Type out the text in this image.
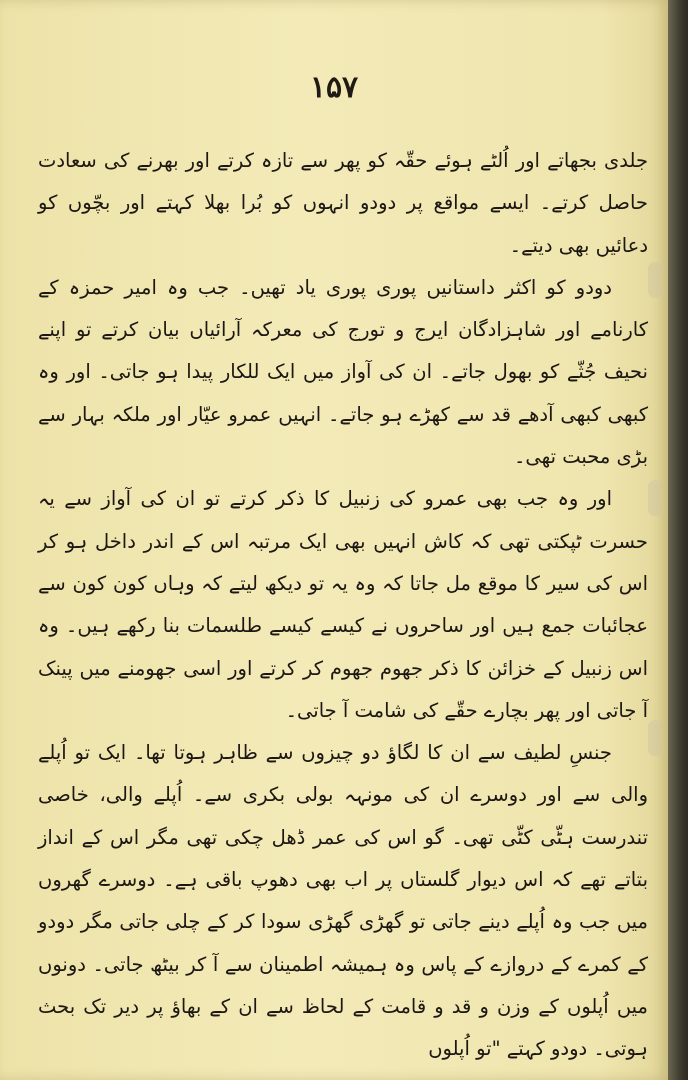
۱۵۷

جلدی بجھاتے اور اُلٹے ہوئے حقّہ کو پھر سے تازہ کرتے اور بھرنے کی سعادت حاصل کرتے۔ ایسے مواقع پر دودو انہوں کو بُرا بھلا کہتے اور بچّوں کو دعائیں بھی دیتے۔

دودو کو اکثر داستانیں پوری پوری یاد تھیں۔ جب وہ امیر حمزہ کے کارنامے اور شاہزادگان ایرج و تورج کی معرکہ آرائیاں بیان کرتے تو اپنے نحیف جُثّے کو بھول جاتے۔ ان کی آواز میں ایک للکار پیدا ہو جاتی۔ اور وہ کبھی کبھی آدھے قد سے کھڑے ہو جاتے۔ انہیں عمرو عیّار اور ملکہ بہار سے بڑی محبت تھی۔

اور وہ جب بھی عمرو کی زنبیل کا ذکر کرتے تو ان کی آواز سے یہ حسرت ٹپکتی تھی کہ کاش انہیں بھی ایک مرتبہ اس کے اندر داخل ہو کر اس کی سیر کا موقع مل جاتا کہ وہ یہ تو دیکھ لیتے کہ وہاں کون کون سے عجائبات جمع ہیں اور ساحروں نے کیسے کیسے طلسمات بنا رکھے ہیں۔ وہ اس زنبیل کے خزائن کا ذکر جھوم جھوم کر کرتے اور اسی جھومنے میں پینک آ جاتی اور پھر بچارے حقّے کی شامت آ جاتی۔

جنسِ لطیف سے ان کا لگاؤ دو چیزوں سے ظاہر ہوتا تھا۔ ایک تو اُپلے والی سے اور دوسرے ان کی مونہہ بولی بکری سے۔ اُپلے والی، خاصی تندرست ہٹّی کٹّی تھی۔ گو اس کی عمر ڈھل چکی تھی مگر اس کے انداز بتاتے تھے کہ اس دیوار گلستاں پر اب بھی دھوپ باقی ہے۔ دوسرے گھروں میں جب وہ اُپلے دینے جاتی تو گھڑی گھڑی سودا کر کے چلی جاتی مگر دودو کے کمرے کے دروازے کے پاس وہ ہمیشہ اطمینان سے آ کر بیٹھ جاتی۔ دونوں میں اُپلوں کے وزن و قد و قامت کے لحاظ سے ان کے بھاؤ پر دیر تک بحث ہوتی۔ دودو کہتے "تو اُپلوں
